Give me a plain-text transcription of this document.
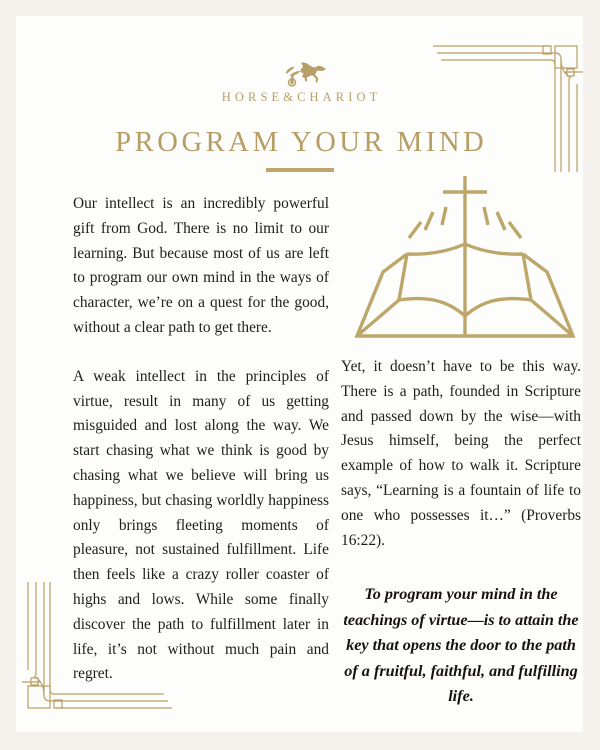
HORSE&CHARIOT
PROGRAM YOUR MIND

Our intellect is an incredibly powerful gift from God. There is no limit to our learning. But because most of us are left to program our own mind in the ways of character, we’re on a quest for the good, without a clear path to get there.

A weak intellect in the principles of virtue, result in many of us getting misguided and lost along the way. We start chasing what we think is good by chasing what we believe will bring us happiness, but chasing worldly happiness only brings fleeting moments of pleasure, not sustained fulfillment. Life then feels like a crazy roller coaster of highs and lows. While some finally discover the path to fulfillment later in life, it’s not without much pain and regret.

Yet, it doesn’t have to be this way. There is a path, founded in Scripture and passed down by the wise—with Jesus himself, being the perfect example of how to walk it. Scripture says, “Learning is a fountain of life to one who possesses it…” (Proverbs 16:22).

To program your mind in the teachings of virtue—is to attain the key that opens the door to the path of a fruitful, faithful, and fulfilling life.
